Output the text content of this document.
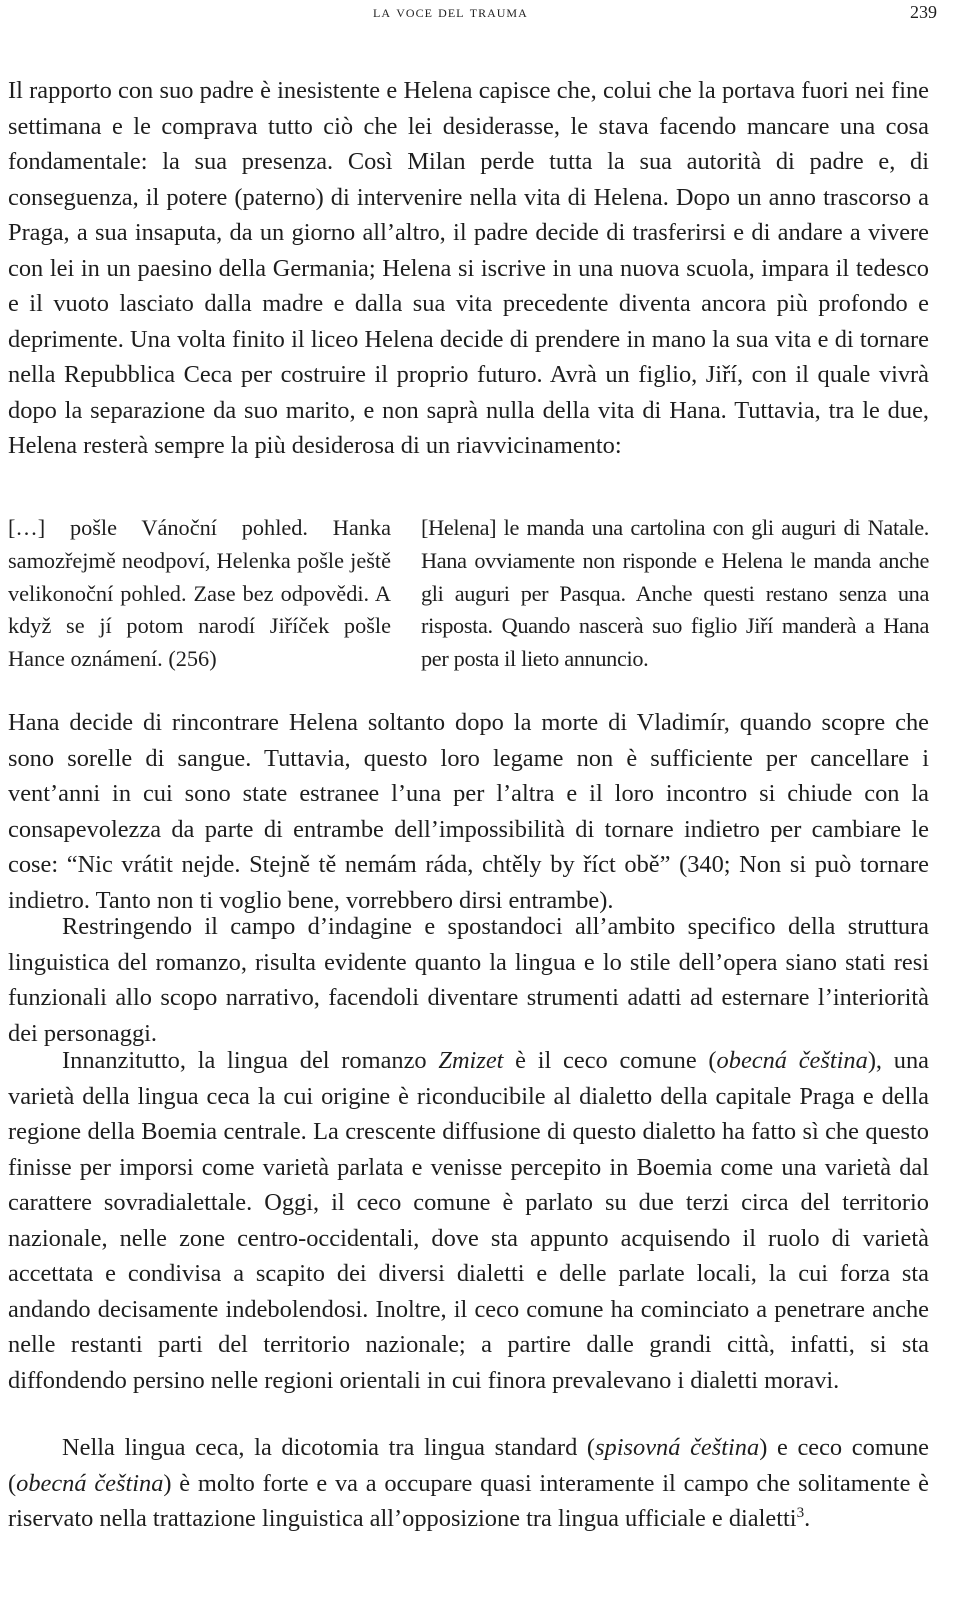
la voce del trauma	239

Il rapporto con suo padre è inesistente e Helena capisce che, colui che la portava fuori nei fine settimana e le comprava tutto ciò che lei desiderasse, le stava facendo mancare una cosa fondamentale: la sua presenza. Così Milan perde tutta la sua autorità di padre e, di conseguenza, il potere (paterno) di intervenire nella vita di Helena. Dopo un anno trascorso a Praga, a sua insaputa, da un giorno all’altro, il padre decide di trasferirsi e di andare a vivere con lei in un paesino della Germania; Helena si iscrive in una nuova scuola, impara il tedesco e il vuoto lasciato dalla madre e dalla sua vita precedente diventa ancora più profondo e deprimente. Una volta finito il liceo Helena decide di prendere in mano la sua vita e di tornare nella Repubblica Ceca per costruire il proprio futuro. Avrà un figlio, Jiří, con il quale vivrà dopo la separazione da suo marito, e non saprà nulla della vita di Hana. Tuttavia, tra le due, Helena resterà sempre la più desiderosa di un riavvicinamento:

[…] pošle Vánoční pohled. Hanka samozřejmě neodpoví, Helenka pošle ještě velikonoční pohled. Zase bez odpovědi. A když se jí potom narodí Jiříček pošle Hance oznámení. (256)

[Helena] le manda una cartolina con gli auguri di Natale. Hana ovviamente non risponde e Helena le manda anche gli auguri per Pasqua. Anche questi restano senza una risposta. Quando nascerà suo figlio Jiří manderà a Hana per posta il lieto annuncio.

Hana decide di rincontrare Helena soltanto dopo la morte di Vladimír, quando scopre che sono sorelle di sangue. Tuttavia, questo loro legame non è sufficiente per cancellare i vent’anni in cui sono state estranee l’una per l’altra e il loro incontro si chiude con la consapevolezza da parte di entrambe dell’impossibilità di tornare indietro per cambiare le cose: “Nic vrátit nejde. Stejně tě nemám ráda, chtěly by říct obě” (340; Non si può tornare indietro. Tanto non ti voglio bene, vorrebbero dirsi entrambe).

Restringendo il campo d’indagine e spostandoci all’ambito specifico della struttura linguistica del romanzo, risulta evidente quanto la lingua e lo stile dell’opera siano stati resi funzionali allo scopo narrativo, facendoli diventare strumenti adatti ad esternare l’interiorità dei personaggi.

Innanzitutto, la lingua del romanzo Zmizet è il ceco comune (obecná čeština), una varietà della lingua ceca la cui origine è riconducibile al dialetto della capitale Praga e della regione della Boemia centrale. La crescente diffusione di questo dialetto ha fatto sì che questo finisse per imporsi come varietà parlata e venisse percepito in Boemia come una varietà dal carattere sovradialettale. Oggi, il ceco comune è parlato su due terzi circa del territorio nazionale, nelle zone centro-occidentali, dove sta appunto acquisendo il ruolo di varietà accettata e condivisa a scapito dei diversi dialetti e delle parlate locali, la cui forza sta andando decisamente indebolendosi. Inoltre, il ceco comune ha cominciato a penetrare anche nelle restanti parti del territorio nazionale; a partire dalle grandi città, infatti, si sta diffondendo persino nelle regioni orientali in cui finora prevalevano i dialetti moravi.

Nella lingua ceca, la dicotomia tra lingua standard (spisovná čeština) e ceco comune (obecná čeština) è molto forte e va a occupare quasi interamente il campo che solitamente è riservato nella trattazione linguistica all’opposizione tra lingua ufficiale e dialetti$^3$.
